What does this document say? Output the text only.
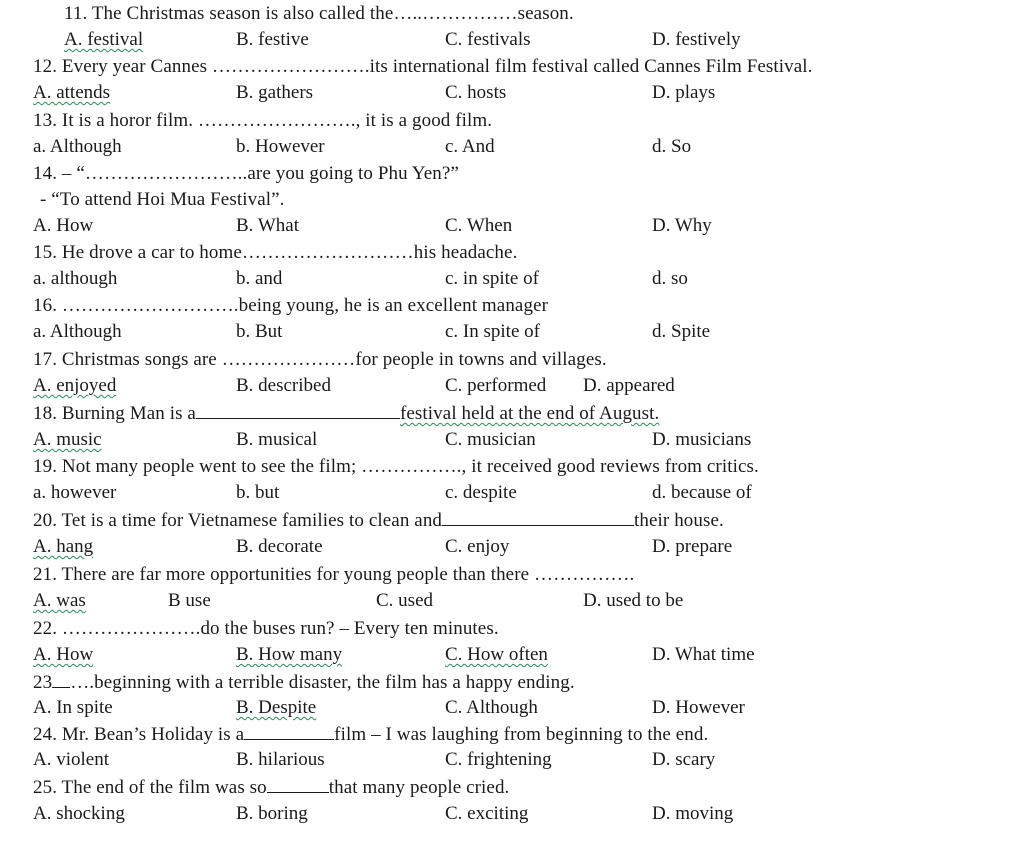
11. The Christmas season is also called the…..……………season.
A. festival	B. festive	C. festivals	D. festively
12. Every year Cannes …………………….its international film festival called Cannes Film Festival.
A. attends	B. gathers	C. hosts	D. plays
13. It is a horor film. ……………………., it is a good film.
a. Although	b. However	c. And	d. So
14. – “……………………..are you going to Phu Yen?”
- “To attend Hoi Mua Festival”.
A. How	B. What	C. When	D. Why
15. He drove a car to home………………………his headache.
a. although	b. and	c. in spite of	d. so
16. ……………………….being young, he is an excellent manager
a. Although	b. But	c. In spite of	d. Spite
17. Christmas songs are …………………for people in towns and villages.
A. enjoyed	B. described	C. performed D. appeared
18. Burning Man is a	festival held at the end of August.
A. music	B. musical	C. musician	D. musicians
19. Not many people went to see the film; ……………., it received good reviews from critics.
a. however	b. but	c. despite	d. because of
20. Tet is a time for Vietnamese families to clean and	their house.
A. hang	B. decorate	C. enjoy	D. prepare
21. There are far more opportunities for young people than there …………….
A. was	B use	C. used	D. used to be
22. ………………….do the buses run? – Every ten minutes.
A. How	B. How many	C. How often	D. What time
23 ….beginning with a terrible disaster, the film has a happy ending.
A. In spite	B. Despite	C. Although	D. However
24. Mr. Bean’s Holiday is a	film – I was laughing from beginning to the end.
A. violent	B. hilarious	C. frightening	D. scary
25. The end of the film was so	that many people cried.
A. shocking	B. boring	C. exciting	D. moving
